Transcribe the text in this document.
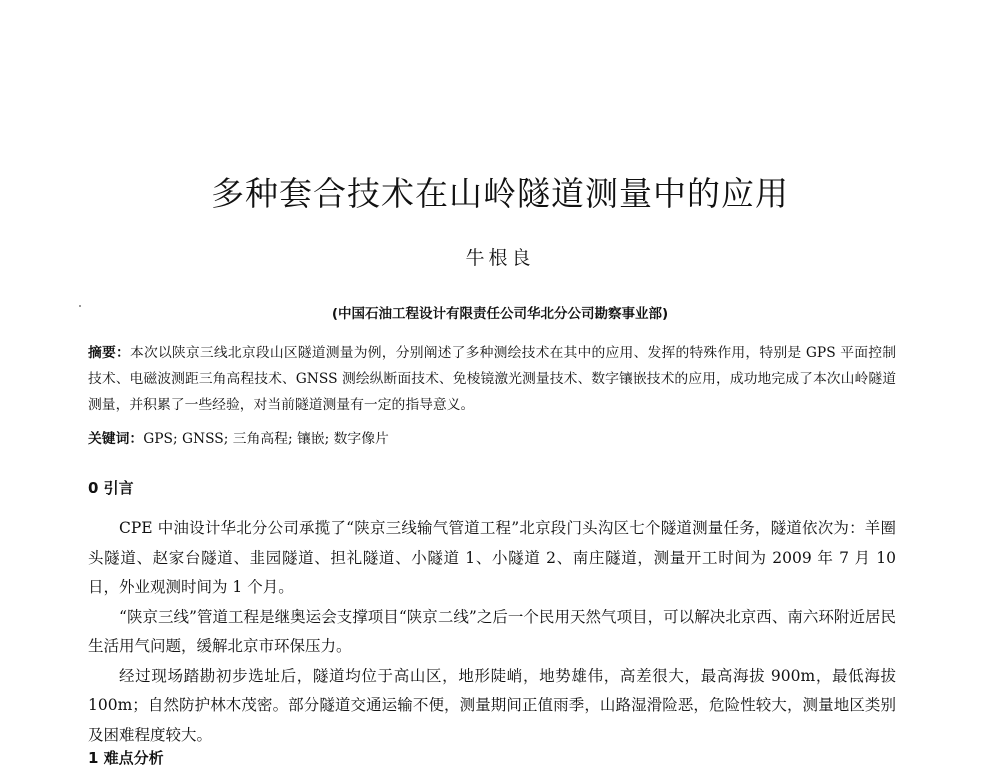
多种套合技术在山岭隧道测量中的应用
牛根良
(中国石油工程设计有限责任公司华北分公司勘察事业部)
摘要：本次以陕京三线北京段山区隧道测量为例，分别阐述了多种测绘技术在其中的应用、发挥的特殊作用，特别是 GPS 平面控制技术、电磁波测距三角高程技术、GNSS 测绘纵断面技术、免棱镜激光测量技术、数字镶嵌技术的应用，成功地完成了本次山岭隧道测量，并积累了一些经验，对当前隧道测量有一定的指导意义。
关键词：GPS; GNSS; 三角高程; 镶嵌; 数字像片
0 引言

CPE 中油设计华北分公司承揽了“陕京三线输气管道工程”北京段门头沟区七个隧道测量任务，隧道依次为：羊圈头隧道、赵家台隧道、韭园隧道、担礼隧道、小隧道 1、小隧道 2、南庄隧道，测量开工时间为 2009 年 7 月 10 日，外业观测时间为 1 个月。

“陕京三线”管道工程是继奥运会支撑项目“陕京二线”之后一个民用天然气项目，可以解决北京西、南六环附近居民生活用气问题，缓解北京市环保压力。

经过现场踏勘初步选址后，隧道均位于高山区，地形陡峭，地势雄伟，高差很大，最高海拔 900m，最低海拔 100m；自然防护林木茂密。部分隧道交通运输不便，测量期间正值雨季，山路湿滑险恶，危险性较大，测量地区类别及困难程度较大。

1 难点分析
